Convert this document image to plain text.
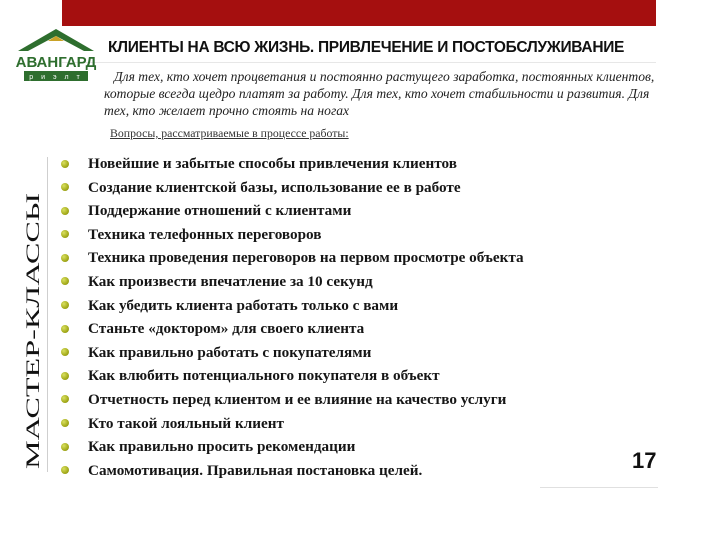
КЛИЕНТЫ НА ВСЮ ЖИЗНЬ. ПРИВЛЕЧЕНИЕ И ПОСТОБСЛУЖИВАНИЕ
АВАНГАРД
р и э л т	Для тех, кто хочет процветания и постоянно растущего заработка, постоянных клиентов, которые всегда щедро платят за работу. Для тех, кто хочет стабильности и развития. Для тех, кто желает прочно стоять на ногах
Вопросы, рассматриваемые в процессе работы:
МАСТЕР-КЛАССЫ
Новейшие и забытые способы привлечения клиентов
Создание клиентской базы, использование ее в работе
Поддержание отношений с клиентами
Техника телефонных переговоров
Техника проведения переговоров на первом просмотре объекта
Как произвести впечатление за 10 секунд
Как убедить клиента работать только с вами
Станьте «доктором» для своего клиента
Как правильно работать с покупателями
Как влюбить потенциального покупателя в объект
Отчетность перед клиентом и ее влияние на качество услуги
Кто такой лояльный клиент
Как правильно просить рекомендации
Самомотивация. Правильная постановка целей.	17
